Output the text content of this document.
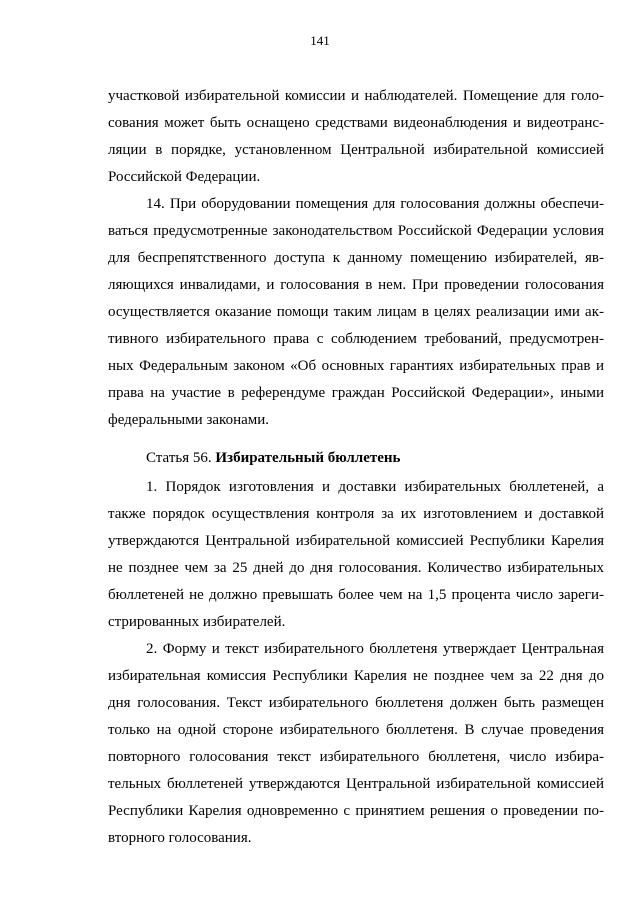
141
участковой избирательной комиссии и наблюдателей. Помещение для голо-
сования может быть оснащено средствами видеонаблюдения и видеотранс-
ляции в порядке, установленном Центральной избирательной комиссией
Российской Федерации.
14. При оборудовании помещения для голосования должны обеспечи-
ваться предусмотренные законодательством Российской Федерации условия
для беспрепятственного доступа к данному помещению избирателей, яв-
ляющихся инвалидами, и голосования в нем. При проведении голосования
осуществляется оказание помощи таким лицам в целях реализации ими ак-
тивного избирательного права с соблюдением требований, предусмотрен-
ных Федеральным законом «Об основных гарантиях избирательных прав и
права на участие в референдуме граждан Российской Федерации», иными
федеральными законами.
Статья 56. Избирательный бюллетень
1. Порядок изготовления и доставки избирательных бюллетеней, а
также порядок осуществления контроля за их изготовлением и доставкой
утверждаются Центральной избирательной комиссией Республики Карелия
не позднее чем за 25 дней до дня голосования. Количество избирательных
бюллетеней не должно превышать более чем на 1,5 процента число зареги-
стрированных избирателей.
2. Форму и текст избирательного бюллетеня утверждает Центральная
избирательная комиссия Республики Карелия не позднее чем за 22 дня до
дня голосования. Текст избирательного бюллетеня должен быть размещен
только на одной стороне избирательного бюллетеня. В случае проведения
повторного голосования текст избирательного бюллетеня, число избира-
тельных бюллетеней утверждаются Центральной избирательной комиссией
Республики Карелия одновременно с принятием решения о проведении по-
вторного голосования.
